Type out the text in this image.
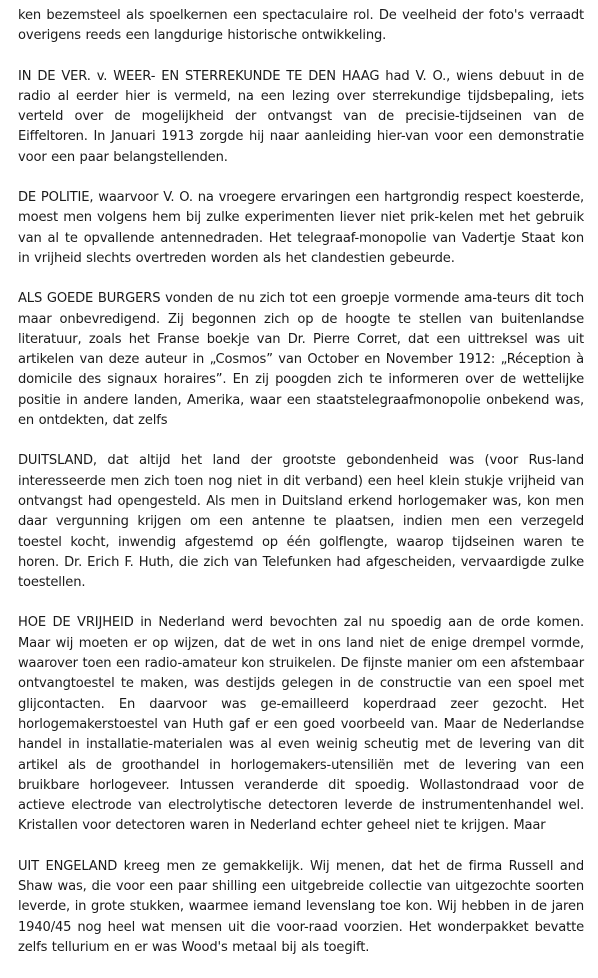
ken bezemsteel als spoelkernen een spectaculaire rol. De veelheid der foto's verraadt overigens reeds een langdurige historische ontwikkeling.

IN DE VER. v. WEER- EN STERREKUNDE TE DEN HAAG had V. O., wiens debuut in de radio al eerder hier is vermeld, na een lezing over sterrekundige tijdsbepaling, iets verteld over de mogelijkheid der ontvangst van de precisie-tijdseinen van de Eiffeltoren. In Januari 1913 zorgde hij naar aanleiding hier-van voor een demonstratie voor een paar belangstellenden.

DE POLITIE, waarvoor V. O. na vroegere ervaringen een hartgrondig respect koesterde, moest men volgens hem bij zulke experimenten liever niet prik-kelen met het gebruik van al te opvallende antennedraden. Het telegraaf-monopolie van Vadertje Staat kon in vrijheid slechts overtreden worden als het clandestien gebeurde.

ALS GOEDE BURGERS vonden de nu zich tot een groepje vormende ama-teurs dit toch maar onbevredigend. Zij begonnen zich op de hoogte te stellen van buitenlandse literatuur, zoals het Franse boekje van Dr. Pierre Corret, dat een uittreksel was uit artikelen van deze auteur in „Cosmos” van October en November 1912: „Réception à domicile des signaux horaires”. En zij poogden zich te informeren over de wettelijke positie in andere landen, Amerika, waar een staatstelegraafmonopolie onbekend was, en ontdekten, dat zelfs

DUITSLAND, dat altijd het land der grootste gebondenheid was (voor Rus-land interesseerde men zich toen nog niet in dit verband) een heel klein stukje vrijheid van ontvangst had opengesteld. Als men in Duitsland erkend horlogemaker was, kon men daar vergunning krijgen om een antenne te plaatsen, indien men een verzegeld toestel kocht, inwendig afgestemd op één golflengte, waarop tijdseinen waren te horen. Dr. Erich F. Huth, die zich van Telefunken had afgescheiden, vervaardigde zulke toestellen.

HOE DE VRIJHEID in Nederland werd bevochten zal nu spoedig aan de orde komen. Maar wij moeten er op wijzen, dat de wet in ons land niet de enige drempel vormde, waarover toen een radio-amateur kon struikelen. De fijnste manier om een afstembaar ontvangtoestel te maken, was destijds gelegen in de constructie van een spoel met glijcontacten. En daarvoor was ge-emailleerd koperdraad zeer gezocht. Het horlogemakerstoestel van Huth gaf er een goed voorbeeld van. Maar de Nederlandse handel in installatie-materialen was al even weinig scheutig met de levering van dit artikel als de groothandel in horlogemakers-utensiliën met de levering van een bruikbare horlogeveer. Intussen veranderde dit spoedig. Wollastondraad voor de actieve electrode van electrolytische detectoren leverde de instrumentenhandel wel. Kristallen voor detectoren waren in Nederland echter geheel niet te krijgen. Maar

UIT ENGELAND kreeg men ze gemakkelijk. Wij menen, dat het de firma Russell and Shaw was, die voor een paar shilling een uitgebreide collectie van uitgezochte soorten leverde, in grote stukken, waarmee iemand levenslang toe kon. Wij hebben in de jaren 1940/45 nog heel wat mensen uit die voor-raad voorzien. Het wonderpakket bevatte zelfs tellurium en er was Wood's metaal bij als toegift.
